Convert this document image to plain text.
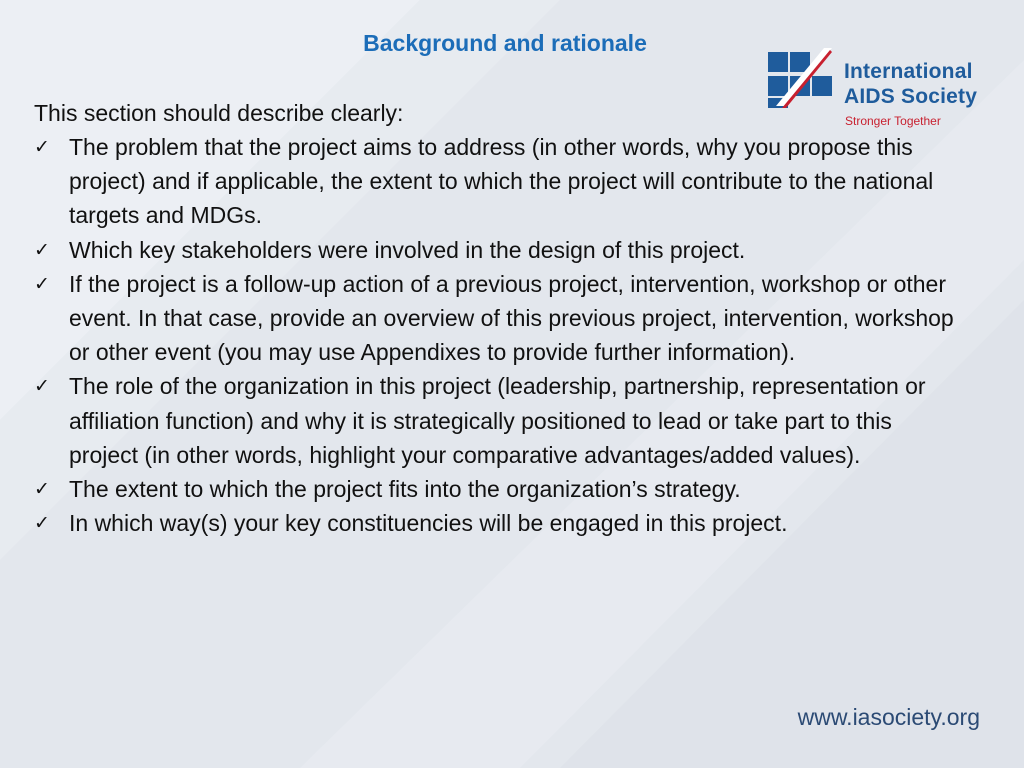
Background and rationale
This section should describe clearly:
✓ The problem that the project aims to address (in other words, why you propose this project) and if applicable, the extent to which the project will contribute to the national targets and MDGs.
✓ Which key stakeholders were involved in the design of this project.
✓ If the project is a follow-up action of a previous project, intervention, workshop or other event. In that case, provide an overview of this previous project, intervention, workshop or other event (you may use Appendixes to provide further information).
✓ The role of the organization in this project (leadership, partnership, representation or affiliation function) and why it is strategically positioned to lead or take part to this project (in other words, highlight your comparative advantages/added values).
✓ The extent to which the project fits into the organization’s strategy.
✓ In which way(s) your key constituencies will be engaged in this project.
International
AIDS Society
Stronger Together
www.iasociety.org
